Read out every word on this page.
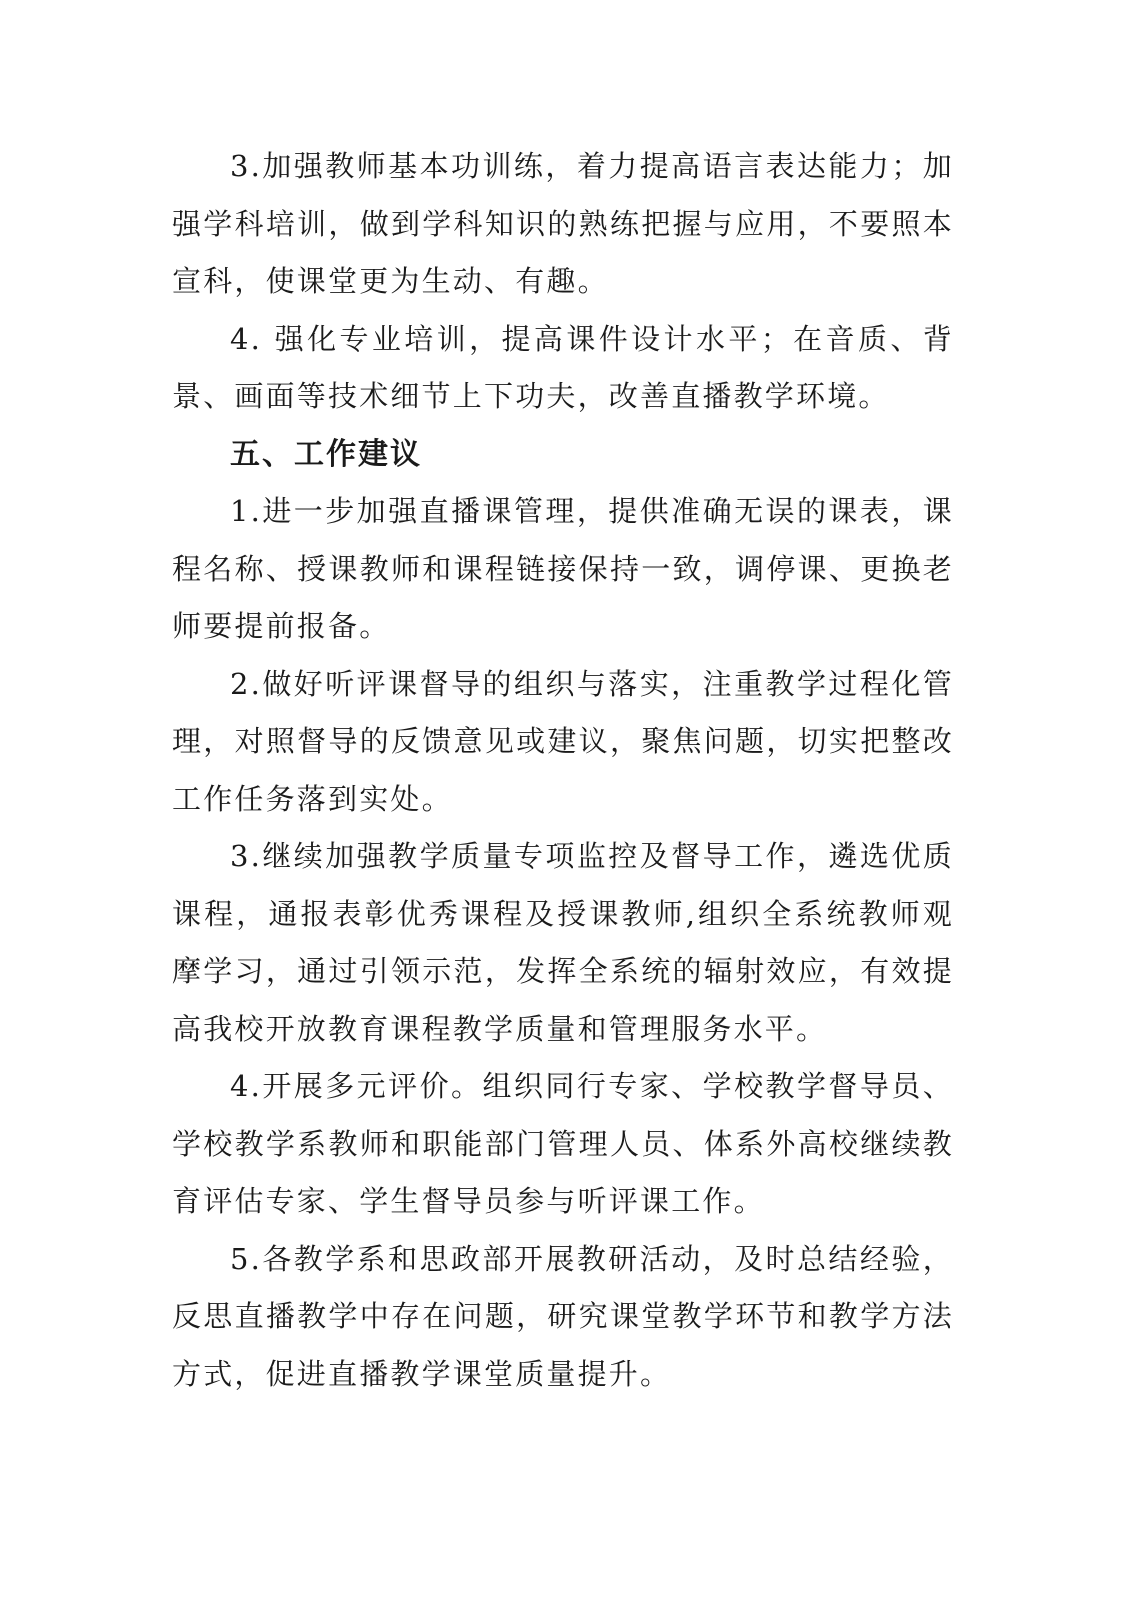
3.加强教师基本功训练，着力提高语言表达能力；加强学科培训，做到学科知识的熟练把握与应用，不要照本宣科，使课堂更为生动、有趣。

4. 强化专业培训，提高课件设计水平；在音质、背景、画面等技术细节上下功夫，改善直播教学环境。

五、工作建议

1.进一步加强直播课管理，提供准确无误的课表，课程名称、授课教师和课程链接保持一致，调停课、更换老师要提前报备。

2.做好听评课督导的组织与落实，注重教学过程化管理，对照督导的反馈意见或建议，聚焦问题，切实把整改工作任务落到实处。

3.继续加强教学质量专项监控及督导工作，遴选优质课程，通报表彰优秀课程及授课教师,组织全系统教师观摩学习，通过引领示范，发挥全系统的辐射效应，有效提高我校开放教育课程教学质量和管理服务水平。

4.开展多元评价。组织同行专家、学校教学督导员、学校教学系教师和职能部门管理人员、体系外高校继续教育评估专家、学生督导员参与听评课工作。

5.各教学系和思政部开展教研活动，及时总结经验，反思直播教学中存在问题，研究课堂教学环节和教学方法方式，促进直播教学课堂质量提升。
